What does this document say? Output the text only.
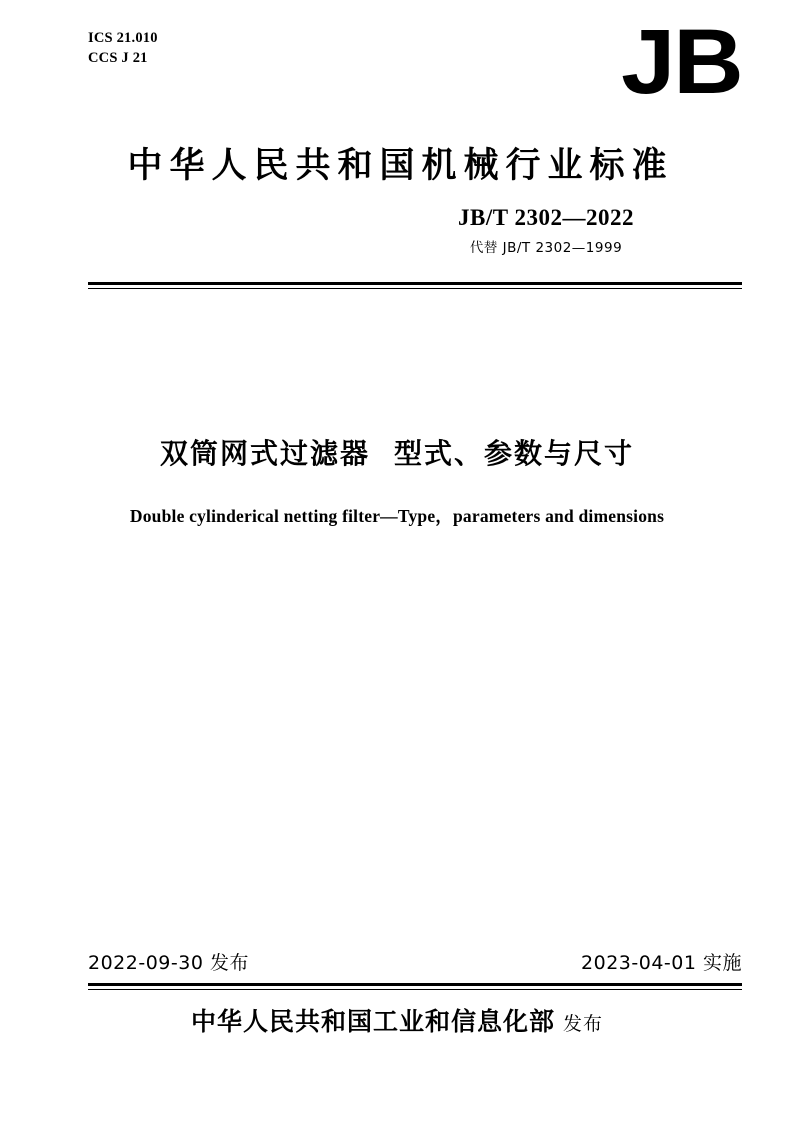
ICS 21.010
CCS J 21	JB
中华人民共和国机械行业标准
JB/T 2302—2022
代替 JB/T 2302—1999
双筒网式过滤器 型式、参数与尺寸
Double cylinderical netting filter—Type，parameters and dimensions
2022-09-30 发布	2023-04-01 实施
中华人民共和国工业和信息化部 发布
